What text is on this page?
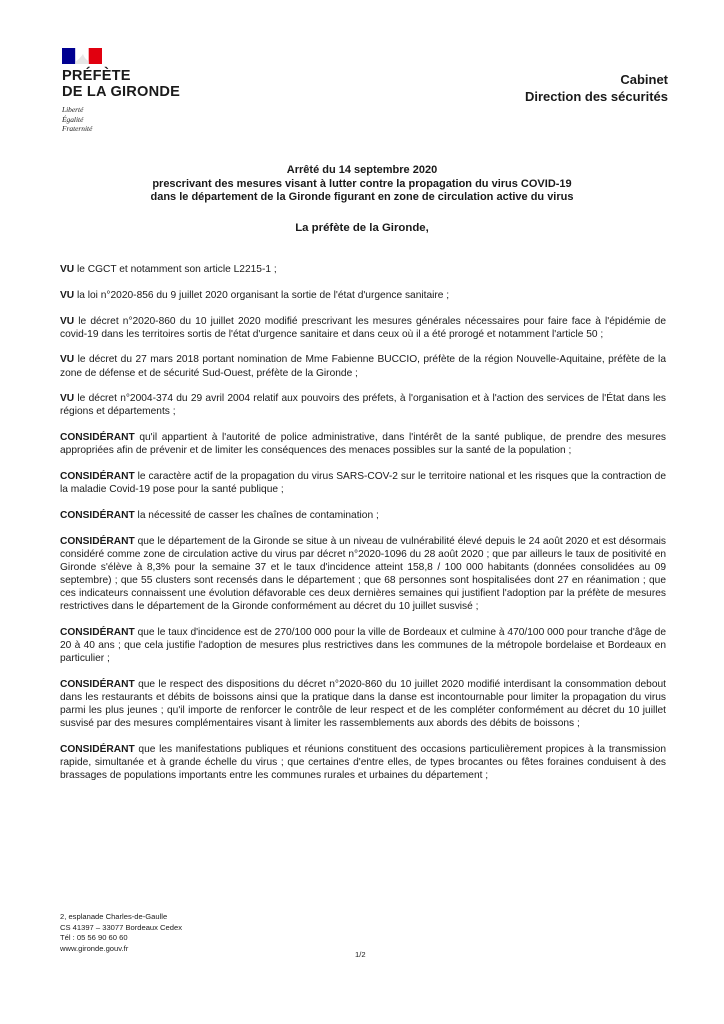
PRÉFÈTE
DE LA GIRONDE
Liberté
Égalité
Fraternité
Cabinet
Direction des sécurités
Arrêté du 14 septembre 2020
prescrivant des mesures visant à lutter contre la propagation du virus COVID-19
dans le département de la Gironde figurant en zone de circulation active du virus
La préfète de la Gironde,

VU le CGCT et notamment son article L2215-1 ;

VU la loi n°2020-856 du 9 juillet 2020 organisant la sortie de l'état d'urgence sanitaire ;

VU le décret n°2020-860 du 10 juillet 2020 modifié prescrivant les mesures générales nécessaires pour faire face à l'épidémie de covid-19 dans les territoires sortis de l'état d'urgence sanitaire et dans ceux où il a été prorogé et notamment l'article 50 ;

VU le décret du 27 mars 2018 portant nomination de Mme Fabienne BUCCIO, préfète de la région Nouvelle-Aquitaine, préfète de la zone de défense et de sécurité Sud-Ouest, préfète de la Gironde ;

VU le décret n°2004-374 du 29 avril 2004 relatif aux pouvoirs des préfets, à l'organisation et à l'action des services de l'État dans les régions et départements ;

CONSIDÉRANT qu'il appartient à l'autorité de police administrative, dans l'intérêt de la santé publique, de prendre des mesures appropriées afin de prévenir et de limiter les conséquences des menaces possibles sur la santé de la population ;

CONSIDÉRANT le caractère actif de la propagation du virus SARS-COV-2 sur le territoire national et les risques que la contraction de la maladie Covid-19 pose pour la santé publique ;

CONSIDÉRANT la nécessité de casser les chaînes de contamination ;

CONSIDÉRANT que le département de la Gironde se situe à un niveau de vulnérabilité élevé depuis le 24 août 2020 et est désormais considéré comme zone de circulation active du virus par décret n°2020-1096 du 28 août 2020 ; que par ailleurs le taux de positivité en Gironde s'élève à 8,3% pour la semaine 37 et le taux d'incidence atteint 158,8 / 100 000 habitants (données consolidées au 09 septembre) ; que 55 clusters sont recensés dans le département ; que 68 personnes sont hospitalisées dont 27 en réanimation ; que ces indicateurs connaissent une évolution défavorable ces deux dernières semaines qui justifient l'adoption par la préfète de mesures restrictives dans le département de la Gironde conformément au décret du 10 juillet susvisé ;

CONSIDÉRANT que le taux d'incidence est de 270/100 000 pour la ville de Bordeaux et culmine à 470/100 000 pour tranche d'âge de 20 à 40 ans ; que cela justifie l'adoption de mesures plus restrictives dans les communes de la métropole bordelaise et Bordeaux en particulier ;

CONSIDÉRANT que le respect des dispositions du décret n°2020-860 du 10 juillet 2020 modifié interdisant la consommation debout dans les restaurants et débits de boissons ainsi que la pratique dans la danse est incontournable pour limiter la propagation du virus parmi les plus jeunes ; qu'il importe de renforcer le contrôle de leur respect et de les compléter conformément au décret du 10 juillet susvisé par des mesures complémentaires visant à limiter les rassemblements aux abords des débits de boissons ;

CONSIDÉRANT que les manifestations publiques et réunions constituent des occasions particulièrement propices à la transmission rapide, simultanée et à grande échelle du virus ; que certaines d'entre elles, de types brocantes ou fêtes foraines conduisent à des brassages de populations importants entre les communes rurales et urbaines du département ;

2, esplanade Charles-de-Gaulle
CS 41397 – 33077 Bordeaux Cedex
Tél : 05 56 90 60 60
www.gironde.gouv.fr
1/2
